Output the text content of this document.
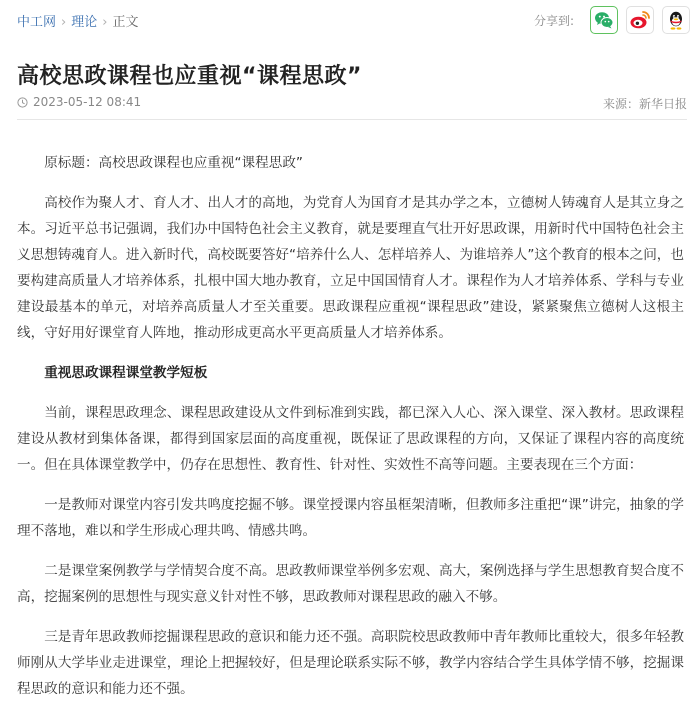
中工网 › 理论 › 正文	分享到:
高校思政课程也应重视“课程思政”
2023-05-12 08:41	来源：新华日报

原标题：高校思政课程也应重视“课程思政”

高校作为聚人才、育人才、出人才的高地，为党育人为国育才是其办学之本，立德树人铸魂育人是其立身之本。习近平总书记强调，我们办中国特色社会主义教育，就是要理直气壮开好思政课，用新时代中国特色社会主义思想铸魂育人。进入新时代，高校既要答好“培养什么人、怎样培养人、为谁培养人”这个教育的根本之问，也要构建高质量人才培养体系，扎根中国大地办教育，立足中国国情育人才。课程作为人才培养体系、学科与专业建设最基本的单元，对培养高质量人才至关重要。思政课程应重视“课程思政”建设，紧紧聚焦立德树人这根主线，守好用好课堂育人阵地，推动形成更高水平更高质量人才培养体系。

重视思政课程课堂教学短板

当前，课程思政理念、课程思政建设从文件到标准到实践，都已深入人心、深入课堂、深入教材。思政课程建设从教材到集体备课，都得到国家层面的高度重视，既保证了思政课程的方向，又保证了课程内容的高度统一。但在具体课堂教学中，仍存在思想性、教育性、针对性、实效性不高等问题。主要表现在三个方面：

一是教师对课堂内容引发共鸣度挖掘不够。课堂授课内容虽框架清晰，但教师多注重把“课”讲完，抽象的学理不落地，难以和学生形成心理共鸣、情感共鸣。

二是课堂案例教学与学情契合度不高。思政教师课堂举例多宏观、高大，案例选择与学生思想教育契合度不高，挖掘案例的思想性与现实意义针对性不够，思政教师对课程思政的融入不够。

三是青年思政教师挖掘课程思政的意识和能力还不强。高职院校思政教师中青年教师比重较大，很多年轻教师刚从大学毕业走进课堂，理论上把握较好，但是理论联系实际不够，教学内容结合学生具体学情不够，挖掘课程思政的意识和能力还不强。
